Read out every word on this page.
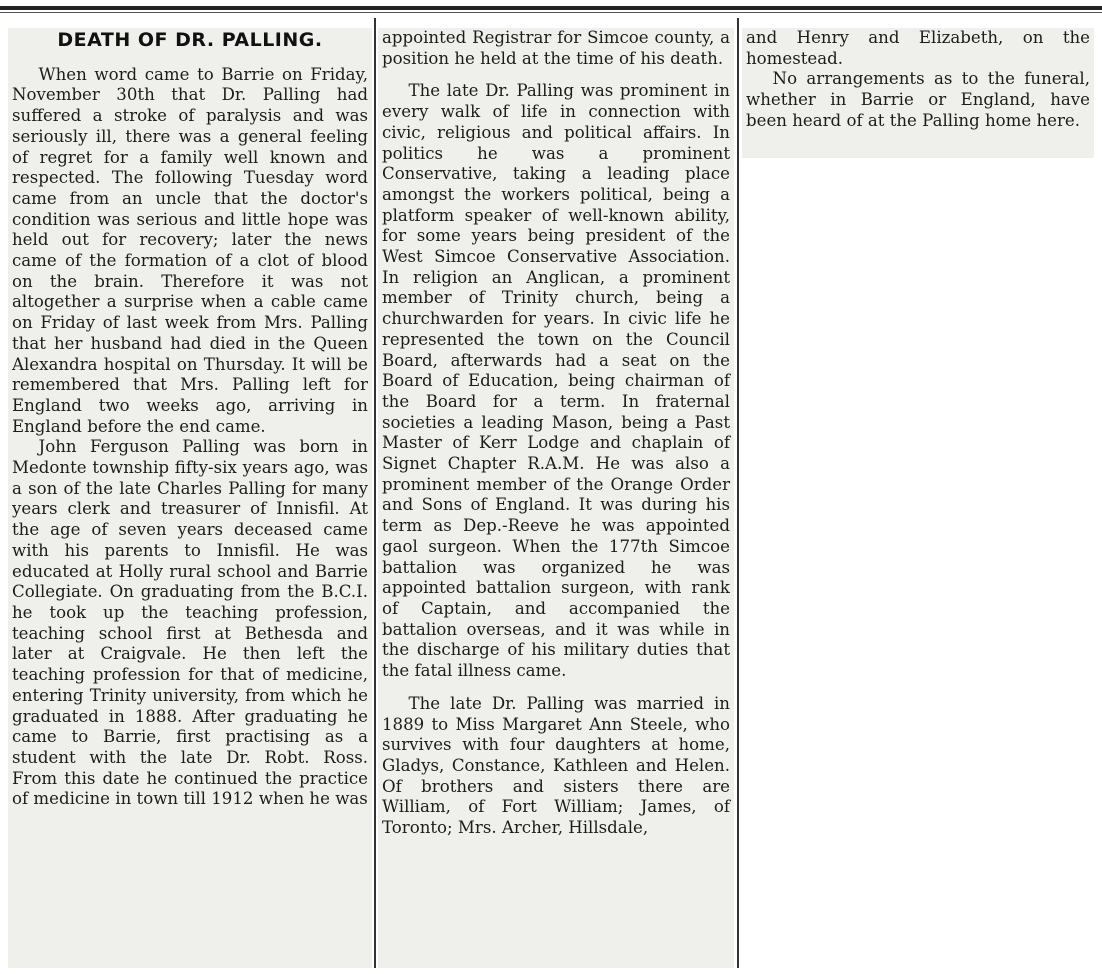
DEATH OF DR. PALLING.

When word came to Barrie on Friday, November 30th that Dr. Palling had suffered a stroke of paralysis and was seriously ill, there was a general feeling of regret for a family well known and respected. The following Tuesday word came from an uncle that the doctor's condition was serious and little hope was held out for recovery; later the news came of the formation of a clot of blood on the brain. Therefore it was not altogether a surprise when a cable came on Friday of last week from Mrs. Palling that her husband had died in the Queen Alexandra hospital on Thursday. It will be remembered that Mrs. Palling left for England two weeks ago, arriving in England before the end came.

John Ferguson Palling was born in Medonte township fifty-six years ago, was a son of the late Charles Palling for many years clerk and treasurer of Innisfil. At the age of seven years deceased came with his parents to Innisfil. He was educated at Holly rural school and Barrie Collegiate. On graduating from the B.C.I. he took up the teaching profession, teaching school first at Bethesda and later at Craigvale. He then left the teaching profession for that of medicine, entering Trinity university, from which he graduated in 1888. After graduating he came to Barrie, first practising as a student with the late Dr. Robt. Ross. From this date he continued the practice of medicine in town till 1912 when he was

appointed Registrar for Simcoe county, a position he held at the time of his death.

The late Dr. Palling was prominent in every walk of life in connection with civic, religious and political affairs. In politics he was a prominent Conservative, taking a leading place amongst the workers political, being a platform speaker of well-known ability, for some years being president of the West Simcoe Conservative Association. In religion an Anglican, a prominent member of Trinity church, being a churchwarden for years. In civic life he represented the town on the Council Board, afterwards had a seat on the Board of Education, being chairman of the Board for a term. In fraternal societies a leading Mason, being a Past Master of Kerr Lodge and chaplain of Signet Chapter R.A.M. He was also a prominent member of the Orange Order and Sons of England. It was during his term as Dep.-Reeve he was appointed gaol surgeon. When the 177th Simcoe battalion was organized he was appointed battalion surgeon, with rank of Captain, and accompanied the battalion overseas, and it was while in the discharge of his military duties that the fatal illness came.

The late Dr. Palling was married in 1889 to Miss Margaret Ann Steele, who survives with four daughters at home, Gladys, Constance, Kathleen and Helen. Of brothers and sisters there are William, of Fort William; James, of Toronto; Mrs. Archer, Hillsdale,

and Henry and Elizabeth, on the homestead.

No arrangements as to the funeral, whether in Barrie or England, have been heard of at the Palling home here.
